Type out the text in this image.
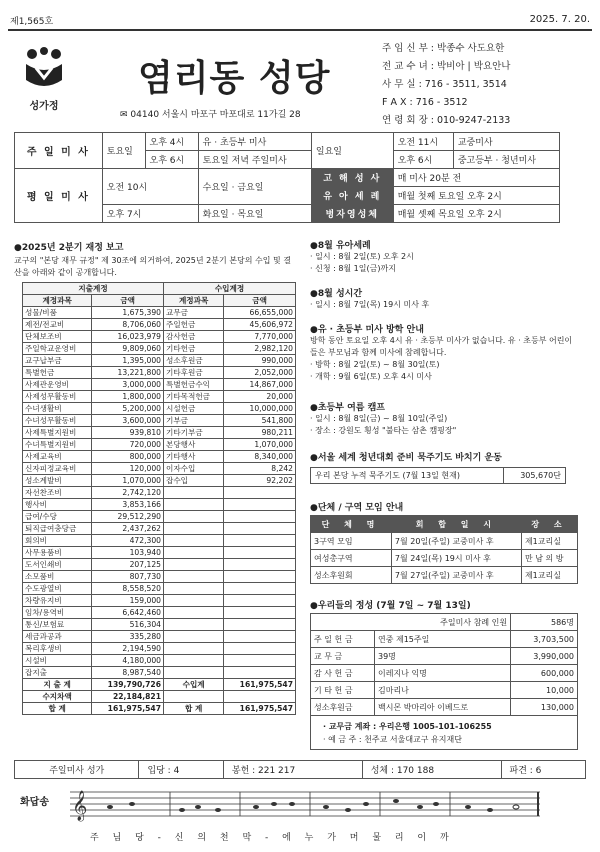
제1,565호	2025. 7. 20.
성가정
염리동 성당
✉ 04140 서울시 마포구 마포대로 11가길 28
주 임 신 부 : 박종수 사도요한
전 교 수 녀 : 박비아 | 박요안나
사 무 실 : 716 - 3511, 3514
F A X : 716 - 3512
연 령 회 장 : 010-9247-2133
주 일 미 사	토요일	오후 4시	유 · 초등부 미사	일요일	오전 11시	교중미사
		오후 6시	토요일 저녁 주일미사		오후 6시	중고등부 · 청년미사
평 일 미 사	오전 10시		수요일 · 금요일	고 해 성 사	매 미사 20분 전	
				유 아 세 례	매월 첫째 토요일 오후 2시	
	오후 7시		화요일 · 목요일	병자영성체	매월 셋째 목요일 오후 2시	
● 2025년 2분기 재정 보고
교구의 "본당 재무 규정" 제 30조에 의거하여, 2025년 2분기 본당의 수입 및 결산을 아래와 같이 공개합니다.
지출계정		수입계정	
계정과목	금액	계정과목	금액
성물/비품	1,675,390	교무금	66,655,000
제전/전교비	8,706,060	주일헌금	45,606,972
단체보조비	16,023,979	감사헌금	7,770,000
주일학교운영비	9,809,060	기타헌금	2,982,120
교구납부금	1,395,000	성소후원금	990,000
특별헌금	13,221,800	기타후원금	2,052,000
사제관운영비	3,000,000	특별헌금수익	14,867,000
사제성무활동비	1,800,000	기타목적헌금	20,000
수녀생활비	5,200,000	시설헌금	10,000,000
수녀성무활동비	3,600,000	기부금	541,800
사제특별지원비	939,810	기타기부금	980,211
수녀특별지원비	720,000	본당행사	1,070,000
사제교육비	800,000	기타행사	8,340,000
신자피정교육비	120,000	이자수입	8,242
성소계발비	1,070,000	잡수입	92,202
자선찬조비	2,742,120		
행사비	3,853,166		
급여/수당	29,512,290		
퇴직급여충당금	2,437,262		
회의비	472,300		
사무용품비	103,940		
도서인쇄비	207,125		
소모품비	807,730		
수도광열비	8,558,520		
차량유지비	159,000		
임차/용역비	6,642,460		
통신/보험료	516,304		
세금과공과	335,280		
복리후생비	2,194,590		
시설비	4,180,000		
잡지출	8,987,540		
지 출 계	139,790,726	수입계	161,975,547
수지차액	22,184,821		
합 계	161,975,547	합 계	161,975,547
● 8월 유아세례
· 일시 : 8월 2일(토) 오후 2시
· 신청 : 8월 1일(금)까지
● 8월 성시간
· 일시 : 8월 7일(목) 19시 미사 후
● 유 · 초등부 미사 방학 안내
방학 동안 토요일 오후 4시 유 · 초등부 미사가 없습니다. 유 · 초등부 어린이들은 부모님과 함께 미사에 참례합니다.
· 방학 : 8월 2일(토) ~ 8월 30일(토)
· 개학 : 9월 6일(토) 오후 4시 미사
● 초등부 여름 캠프
· 일시 : 8월 8일(금) ~ 8월 10일(주일)
· 장소 : 강원도 횡성 "불타는 삼촌 캠핑장"
● 서울 세계 청년대회 준비 묵주기도 바치기 운동
우리 본당 누적 묵주기도 (7월 13일 현재)	305,670단
● 단체 / 구역 모임 안내
단 체 명	회 합 일 시	장 소
3구역 모임	7월 20일(주일) 교중미사 후	제1교리실
여성총구역	7월 24일(목) 19시 미사 후	만 남 의 방
성소후원회	7월 27일(주일) 교중미사 후	제1교리실
● 우리들의 정성 (7월 7일 ~ 7월 13일)
주일미사 참례 인원		586명
주 일 헌 금	연중 제15주일	3,703,500
교 무 금	39명	3,990,000
감 사 헌 금	이레지나 익명	600,000
기 타 헌 금	김마리나	10,000
성소후원금	백시몬 박마리아 이베드로	130,000

· 교무금 계좌 : 우리은행 1005-101-106255
· 예 금 주 : 천주교 서울대교구 유지재단		
주일미사 성가	입당 : 4	봉헌 : 221 217	성체 : 170 188	파견 : 6
화답송 𝄞
주 님 당 - 신 의 천 막 - 에 누 가 머 물 리 이 까
